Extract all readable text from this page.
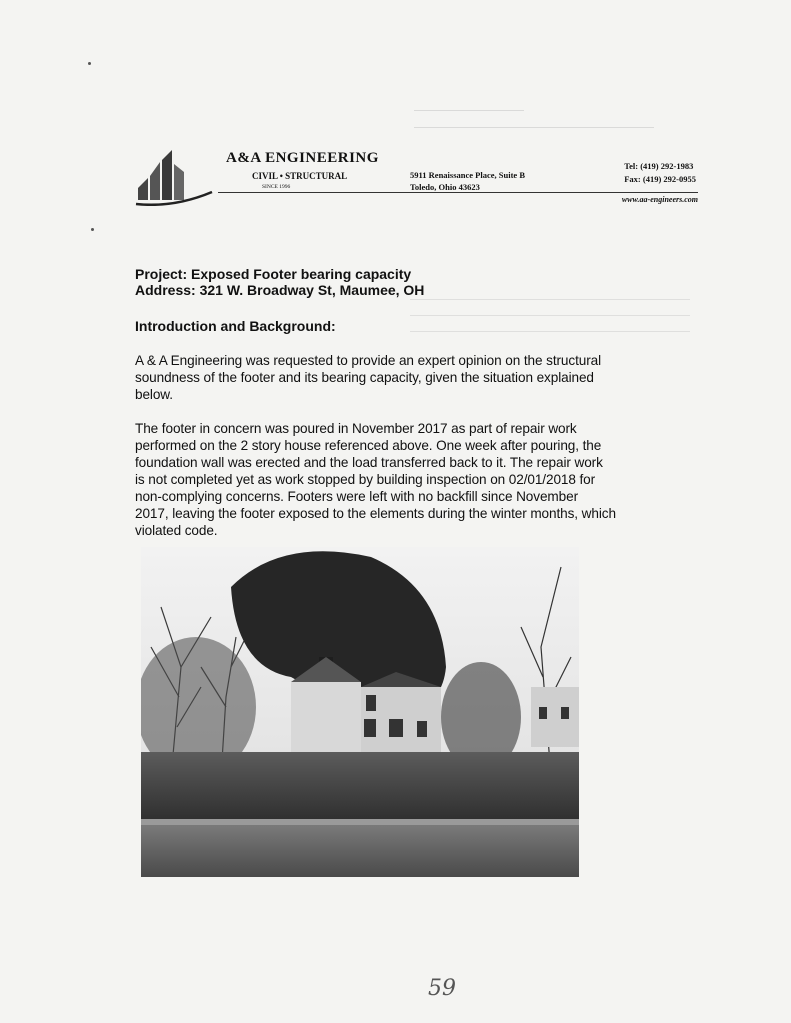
A&A ENGINEERING
CIVIL • STRUCTURAL
SINCE 1996
5911 Renaissance Place, Suite B
Toledo, Ohio 43623
Tel: (419) 292-1983
Fax: (419) 292-0955
www.aa-engineers.com
Project: Exposed Footer bearing capacity
Address: 321 W. Broadway St, Maumee, OH
Introduction and Background:
A & A Engineering was requested to provide an expert opinion on the structural
soundness of the footer and its bearing capacity, given the situation explained
below.
The footer in concern was poured in November 2017 as part of repair work
performed on the 2 story house referenced above. One week after pouring, the
foundation wall was erected and the load transferred back to it. The repair work
is not completed yet as work stopped by building inspection on 02/01/2018 for
non-complying concerns. Footers were left with no backfill since November
2017, leaving the footer exposed to the elements during the winter months, which
violated code.
59
